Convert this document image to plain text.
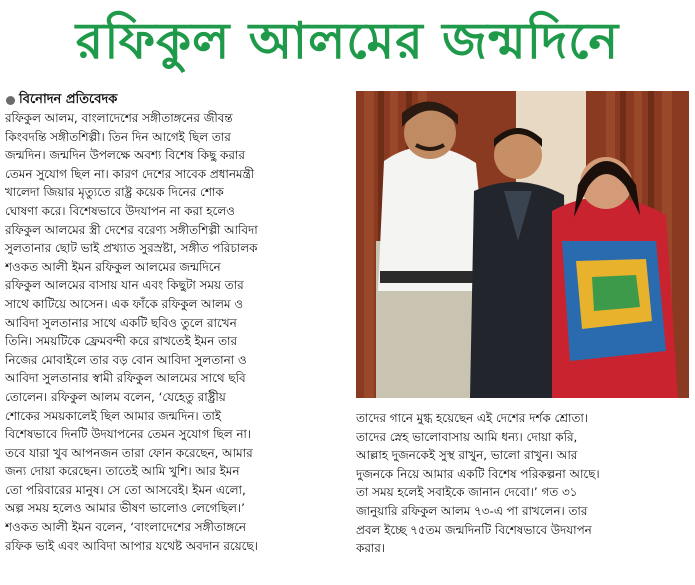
রফিকুল আলমের জন্মদিনে
বিনোদন প্রতিবেদক
রফিকুল আলম, বাংলাদেশের সঙ্গীতাঙ্গনের জীবন্ত
কিংবদন্তি সঙ্গীতশিল্পী। তিন দিন আগেই ছিল তার
জন্মদিন। জন্মদিন উপলক্ষে অবশ্য বিশেষ কিছু করার
তেমন সুযোগ ছিল না। কারণ দেশের সাবেক প্রধানমন্ত্রী
খালেদা জিয়ার মৃত্যুতে রাষ্ট্র কয়েক দিনের শোক
ঘোষণা করে। বিশেষভাবে উদযাপন না করা হলেও
রফিকুল আলমের স্ত্রী দেশের বরেণ্য সঙ্গীতশিল্পী আবিদা
সুলতানার ছোট ভাই প্রখ্যাত সুরস্রষ্টা, সঙ্গীত পরিচালক
শওকত আলী ইমন রফিকুল আলমের জন্মদিনে
রফিকুল আলমের বাসায় যান এবং কিছুটা সময় তার
সাথে কাটিয়ে আসেন। এক ফাঁকে রফিকুল আলম ও
আবিদা সুলতানার সাথে একটি ছবিও তুলে রাখেন
তিনি। সময়টিকে ফ্রেমবন্দী করে রাখতেই ইমন তার
নিজের মোবাইলে তার বড় বোন আবিদা সুলতানা ও
আবিদা সুলতানার স্বামী রফিকুল আলমের সাথে ছবি
তোলেন। রফিকুল আলম বলেন, ‘যেহেতু রাষ্ট্রীয়
শোকের সময়কালেই ছিল আমার জন্মদিন। তাই
বিশেষভাবে দিনটি উদযাপনের তেমন সুযোগ ছিল না।
তবে যারা খুব আপনজন তারা ফোন করেছেন, আমার
জন্য দোয়া করেছেন। তাতেই আমি খুশি। আর ইমন
তো পরিবারের মানুষ। সে তো আসবেই। ইমন এলো,
অল্প সময় হলেও আমার ভীষণ ভালোও লেগেছিল।’
শওকত আলী ইমন বলেন, ‘বাংলাদেশের সঙ্গীতাঙ্গনে
রফিক ভাই এবং আবিদা আপার যথেষ্ট অবদান রয়েছে।
তাদের গানে মুগ্ধ হয়েছেন এই দেশের দর্শক শ্রোতা।
তাদের স্নেহ ভালোবাসায় আমি ধন্য। দোয়া করি,
আল্লাহ দুজনকেই সুস্থ রাখুন, ভালো রাখুন। আর
দুজনকে নিয়ে আমার একটি বিশেষ পরিকল্পনা আছে।
তা সময় হলেই সবাইকে জানান দেবো।’ গত ৩১
জানুয়ারি রফিকুল আলম ৭৩-এ পা রাখলেন। তার
প্রবল ইচ্ছে ৭৫তম জন্মদিনটি বিশেষভাবে উদযাপন
করার।
